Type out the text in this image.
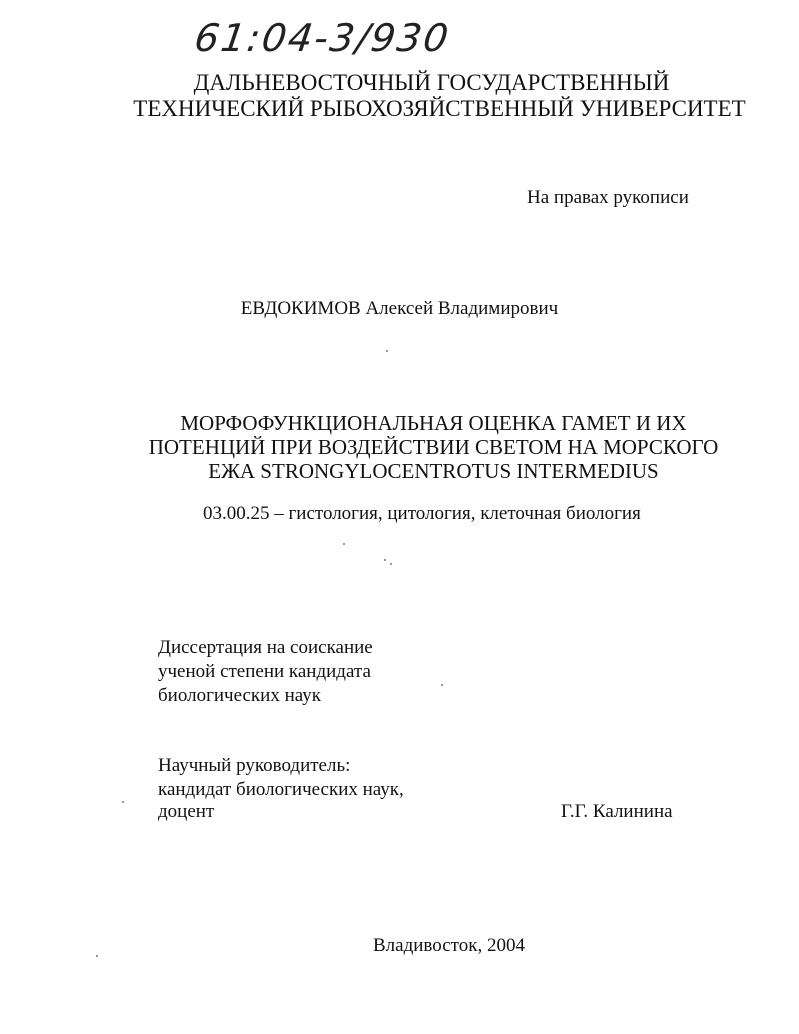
61:04-3/930
ДАЛЬНЕВОСТОЧНЫЙ ГОСУДАРСТВЕННЫЙ
ТЕХНИЧЕСКИЙ РЫБОХОЗЯЙСТВЕННЫЙ УНИВЕРСИТЕТ
На правах рукописи
ЕВДОКИМОВ Алексей Владимирович
МОРФОФУНКЦИОНАЛЬНАЯ ОЦЕНКА ГАМЕТ И ИХ
ПОТЕНЦИЙ ПРИ ВОЗДЕЙСТВИИ СВЕТОМ НА МОРСКОГО
ЕЖА STRONGYLOCENTROTUS INTERMEDIUS
03.00.25 – гистология, цитология, клеточная биология
Диссертация на соискание
ученой степени кандидата
биологических наук
Научный руководитель:
кандидат биологических наук,
доцент	Г.Г. Калинина
Владивосток, 2004
